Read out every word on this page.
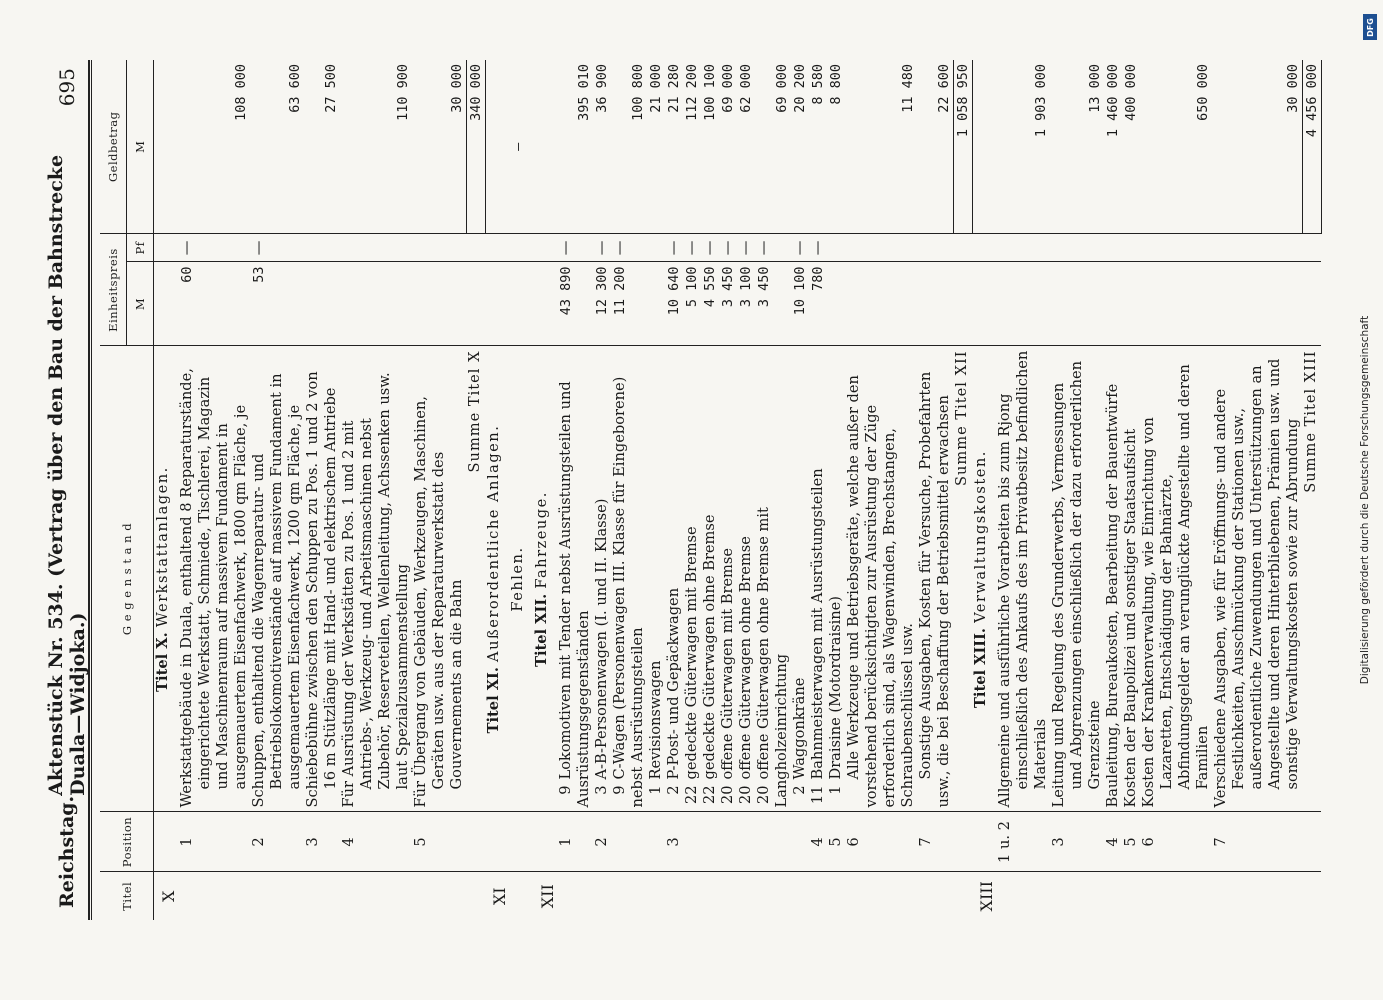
Reichstag.
Aktenstück Nr. 534. (Vertrag über den Bau der Bahnstrecke Duala—Widjoka.)
695
Titel	Position	G e g e n s t a n d	Einheitspreis		Geldbetrag
			M	Pf	M
X		Titel X. Werkstattanlagen.			
	1	Werkstattgebäude in Duala, enthaltend 8 Reparaturstände, eingerichtete Werkstatt, Schmiede, Tischlerei, Magazin und Maschinenraum auf massivem Fundament in ausgemauertem Eisenfachwerk, 1800 qm Fläche, je	60	—	108 000
	2	Schuppen, enthaltend die Wagenreparatur- und Betriebslokomotivenstände auf massivem Fundament in ausgemauertem Eisenfachwerk, 1200 qm Fläche, je	53	—	63 600
	3	Schiebebühne zwischen den Schuppen zu Pos. 1 und 2 von 16 m Stützlänge mit Hand- und elektrischem Antriebe			27 500
	4	Für Ausrüstung der Werkstätten zu Pos. 1 und 2 mit Antriebs-, Werkzeug- und Arbeitsmaschinen nebst Zubehör, Reserveteilen, Wellenleitung, Achssenken usw. laut Spezialzusammenstellung			110 900
	5	Für Übergang von Gebäuden, Werkzeugen, Maschinen, Geräten usw. aus der Reparaturwerkstatt des Gouvernements an die Bahn			30 000
		Summe Titel X			340 000
XI		Titel XI. Außerordentliche Anlagen.			
		Fehlen.			—
XII		Titel XII. Fahrzeuge.			
	1	9Lokomotiven mit Tender nebst Ausrüstungsteilen und Ausrüstungsgegenständen	43 890	—	395 010
	2	3A-B-Personenwagen (I. und II. Klasse)	12 300	—	36 900
		9C-Wagen (Personenwagen III. Klasse für Eingeborene) nebst Ausrüstungsteilen	11 200	—	100 800
		1Revisionswagen			21 000
	3	2P-Post- und Gepäckwagen	10 640	—	21 280
		22gedeckte Güterwagen mit Bremse	5 100	—	112 200
		22gedeckte Güterwagen ohne Bremse	4 550	—	100 100
		20offene Güterwagen mit Bremse	3 450	—	69 000
		20offene Güterwagen ohne Bremse	3 100	—	62 000
		20offene Güterwagen ohne Bremse mit Langholzeinrichtung	3 450	—	69 000
		2Waggonkräne	10 100	—	20 200
	4	11Bahnmeisterwagen mit Ausrüstungsteilen	780	—	8 580
	5	1Draisine (Motordraisine)			8 800
	6	Alle Werkzeuge und Betriebsgeräte, welche außer den vorstehend berücksichtigten zur Ausrüstung der Züge erforderlich sind, als Wagenwinden, Brechstangen, Schraubenschlüssel usw.			11 480
	7	Sonstige Ausgaben, Kosten für Versuche, Probefahrten usw., die bei Beschaffung der Betriebsmittel erwachsen			22 600
		Summe Titel XII			1 058 950
XIII		Titel XIII. Verwaltungskosten.			
	1 u. 2	Allgemeine und ausführliche Vorarbeiten bis zum Rjong einschließlich des Ankaufs des im Privatbesitz befindlichen Materials			1 903 000
	3	Leitung und Regelung des Grunderwerbs, Vermessungen und Abgrenzungen einschließlich der dazu erforderlichen Grenzsteine			13 000
	4	Bauleitung, Bureaukosten, Bearbeitung der Bauentwürfe			1 460 000
	5	Kosten der Baupolizei und sonstiger Staatsaufsicht			400 000
	6	Kosten der Krankenverwaltung, wie Einrichtung von Lazaretten, Entschädigung der Bahnärzte, Abfindungsgelder an verunglückte Angestellte und deren Familien			650 000
	7	Verschiedene Ausgaben, wie für Eröffnungs- und andere Festlichkeiten, Ausschmückung der Stationen usw., außerordentliche Zuwendungen und Unterstützungen an Angestellte und deren Hinterbliebenen, Prämien usw. und sonstige Verwaltungskosten sowie zur Abrundung			30 000
		Summe Titel XIII			4 456 000
DFG
Digitalisierung gefördert durch die Deutsche Forschungsgemeinschaft
